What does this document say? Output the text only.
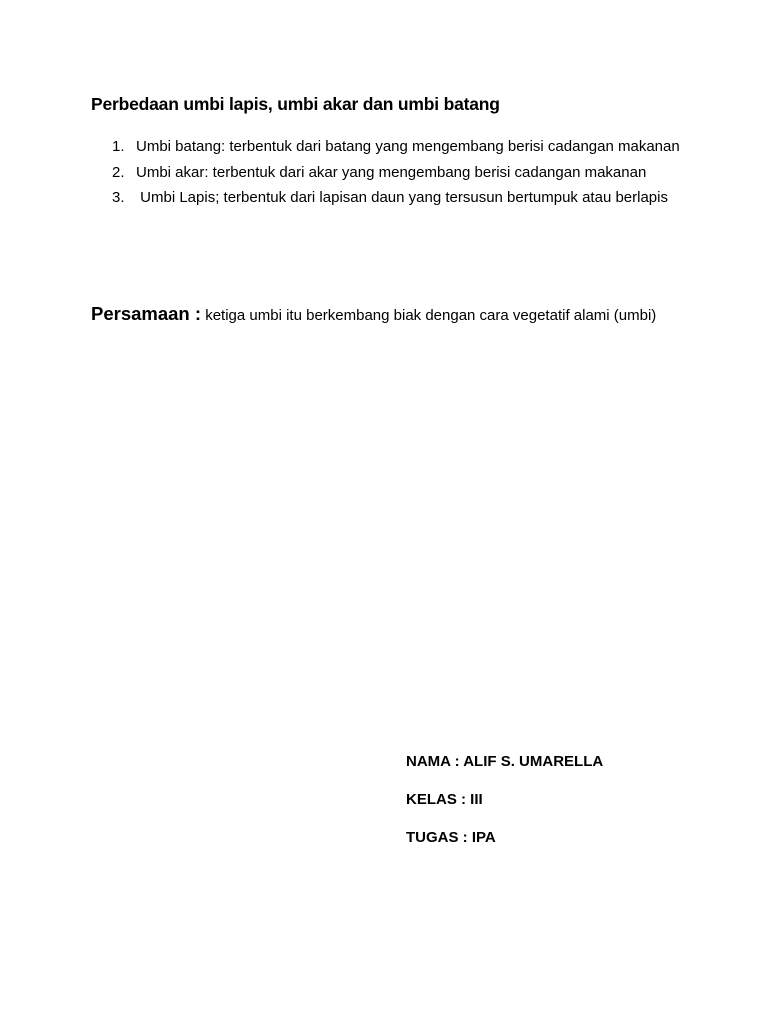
Perbedaan umbi lapis, umbi akar dan umbi batang
1. Umbi batang: terbentuk dari batang yang mengembang berisi cadangan makanan
2. Umbi akar: terbentuk dari akar yang mengembang berisi cadangan makanan
3. Umbi Lapis; terbentuk dari lapisan daun yang tersusun bertumpuk atau berlapis
Persamaan : ketiga umbi itu berkembang biak dengan cara vegetatif alami (umbi)
NAMA : ALIF S. UMARELLA
KELAS : III
TUGAS : IPA
